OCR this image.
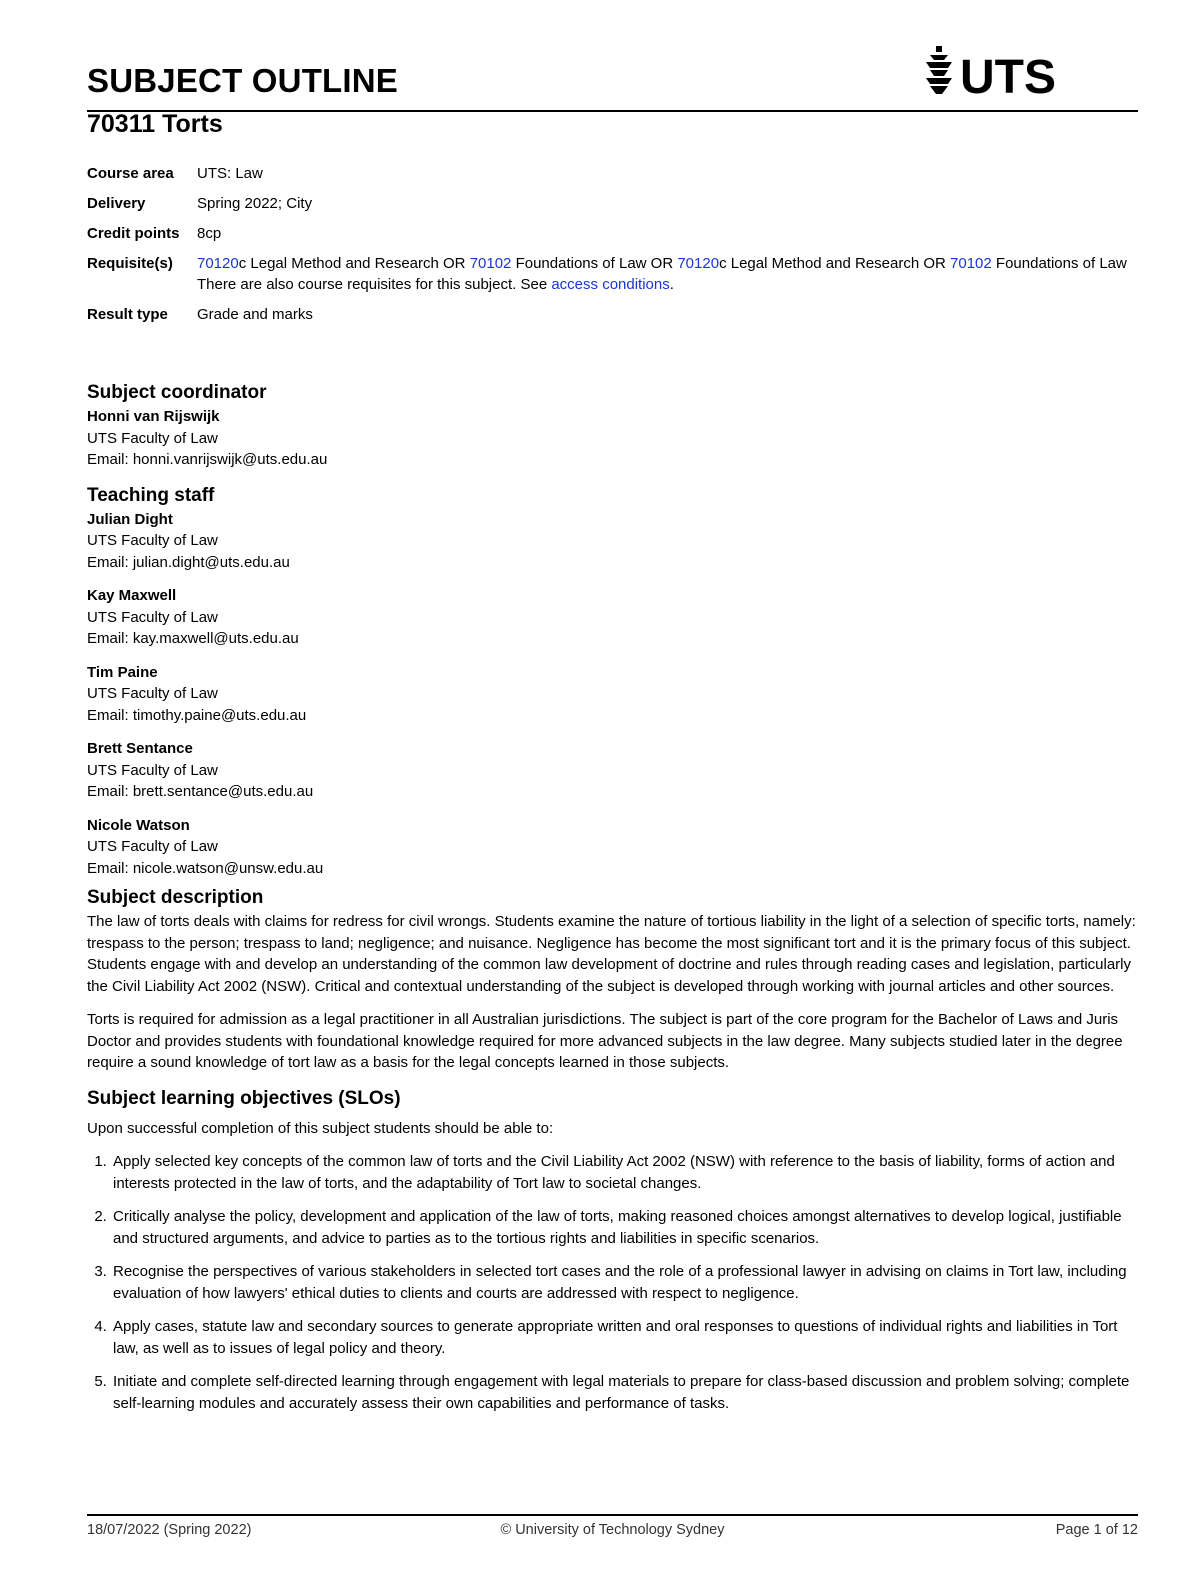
SUBJECT OUTLINE	UTS
70311 Torts
Course area	UTS: Law
Delivery	Spring 2022; City
Credit points	8cp
Requisite(s)	70120c Legal Method and Research OR 70102 Foundations of Law OR 70120c Legal Method and Research OR 70102 Foundations of Law
There are also course requisites for this subject. See access conditions.
Result type	Grade and marks
Subject coordinator
Honni van Rijswijk
UTS Faculty of Law
Email: honni.vanrijswijk@uts.edu.au
Teaching staff
Julian Dight
UTS Faculty of Law
Email: julian.dight@uts.edu.au
Kay Maxwell
UTS Faculty of Law
Email: kay.maxwell@uts.edu.au
Tim Paine
UTS Faculty of Law
Email: timothy.paine@uts.edu.au
Brett Sentance
UTS Faculty of Law
Email: brett.sentance@uts.edu.au
Nicole Watson
UTS Faculty of Law
Email: nicole.watson@unsw.edu.au
Subject description

The law of torts deals with claims for redress for civil wrongs. Students examine the nature of tortious liability in the light of a selection of specific torts, namely: trespass to the person; trespass to land; negligence; and nuisance. Negligence has become the most significant tort and it is the primary focus of this subject. Students engage with and develop an understanding of the common law development of doctrine and rules through reading cases and legislation, particularly the Civil Liability Act 2002 (NSW). Critical and contextual understanding of the subject is developed through working with journal articles and other sources.

Torts is required for admission as a legal practitioner in all Australian jurisdictions. The subject is part of the core program for the Bachelor of Laws and Juris Doctor and provides students with foundational knowledge required for more advanced subjects in the law degree. Many subjects studied later in the degree require a sound knowledge of tort law as a basis for the legal concepts learned in those subjects.

Subject learning objectives (SLOs)

Upon successful completion of this subject students should be able to:

1. Apply selected key concepts of the common law of torts and the Civil Liability Act 2002 (NSW) with reference to the basis of liability, forms of action and interests protected in the law of torts, and the adaptability of Tort law to societal changes.
2. Critically analyse the policy, development and application of the law of torts, making reasoned choices amongst alternatives to develop logical, justifiable and structured arguments, and advice to parties as to the tortious rights and liabilities in specific scenarios.
3. Recognise the perspectives of various stakeholders in selected tort cases and the role of a professional lawyer in advising on claims in Tort law, including evaluation of how lawyers' ethical duties to clients and courts are addressed with respect to negligence.
4. Apply cases, statute law and secondary sources to generate appropriate written and oral responses to questions of individual rights and liabilities in Tort law, as well as to issues of legal policy and theory.
5. Initiate and complete self-directed learning through engagement with legal materials to prepare for class-based discussion and problem solving; complete self-learning modules and accurately assess their own capabilities and performance of tasks.
18/07/2022 (Spring 2022)	© University of Technology Sydney	Page 1 of 12
